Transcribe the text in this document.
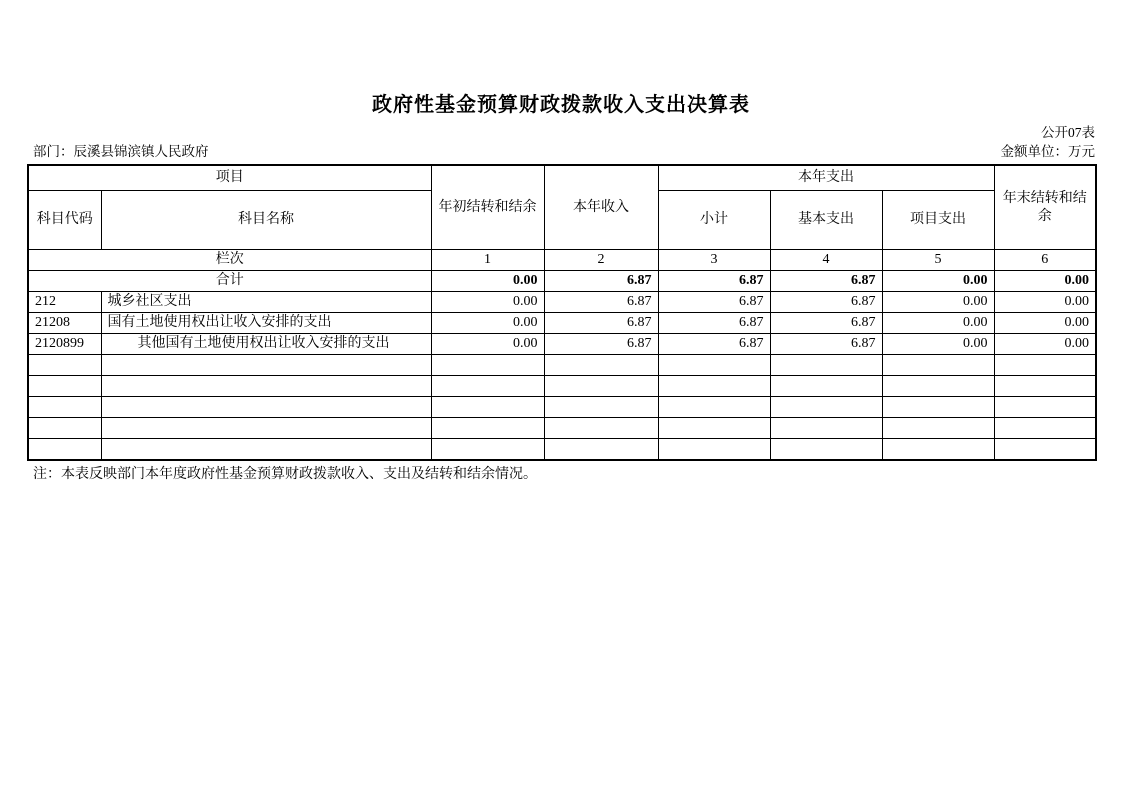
政府性基金预算财政拨款收入支出决算表
公开07表
部门：辰溪县锦滨镇人民政府	金额单位：万元
项目		年初结转和结余	本年收入	本年支出			年末结转和结余
科目代码	科目名称			小计	基本支出	项目支出	
栏次		1	2	3	4	5	6
合计		0.00	6.87	6.87	6.87	0.00	0.00
212	城乡社区支出	0.00	6.87	6.87	6.87	0.00	0.00
21208	国有土地使用权出让收入安排的支出	0.00	6.87	6.87	6.87	0.00	0.00
2120899	其他国有土地使用权出让收入安排的支出	0.00	6.87	6.87	6.87	0.00	0.00

注：本表反映部门本年度政府性基金预算财政拨款收入、支出及结转和结余情况。
